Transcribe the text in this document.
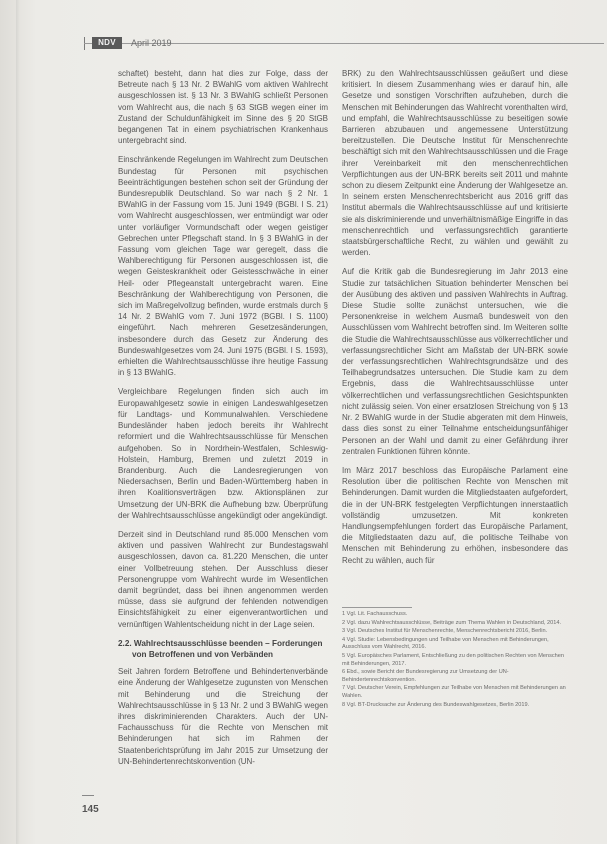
NDV	April 2019

schaftet) besteht, dann hat dies zur Folge, dass der Betreute nach § 13 Nr. 2 BWahlG vom aktiven Wahlrecht ausgeschlossen ist. § 13 Nr. 3 BWahlG schließt Personen vom Wahlrecht aus, die nach § 63 StGB wegen einer im Zustand der Schuldunfähigkeit im Sinne des § 20 StGB begangenen Tat in einem psychiatrischen Krankenhaus untergebracht sind.

Einschränkende Regelungen im Wahlrecht zum Deutschen Bundestag für Personen mit psychischen Beeinträchtigungen bestehen schon seit der Gründung der Bundesrepublik Deutschland. So war nach § 2 Nr. 1 BWahlG in der Fassung vom 15. Juni 1949 (BGBl. I S. 21) vom Wahlrecht ausgeschlossen, wer entmündigt war oder unter vorläufiger Vormundschaft oder wegen geistiger Gebrechen unter Pflegschaft stand. In § 3 BWahlG in der Fassung vom gleichen Tage war geregelt, dass die Wahlberechtigung für Personen ausgeschlossen ist, die wegen Geisteskrankheit oder Geistesschwäche in einer Heil- oder Pflegeanstalt untergebracht waren. Eine Beschränkung der Wahlberechtigung von Personen, die sich im Maßregelvollzug befinden, wurde erstmals durch § 14 Nr. 2 BWahlG vom 7. Juni 1972 (BGBl. I S. 1100) eingeführt. Nach mehreren Gesetzesänderungen, insbesondere durch das Gesetz zur Änderung des Bundeswahlgesetzes vom 24. Juni 1975 (BGBl. I S. 1593), erhielten die Wahlrechtsausschlüsse ihre heutige Fassung in § 13 BWahlG.

Vergleichbare Regelungen finden sich auch im Europawahlgesetz sowie in einigen Landeswahlgesetzen für Landtags- und Kommunalwahlen. Verschiedene Bundesländer haben jedoch bereits ihr Wahlrecht reformiert und die Wahlrechtsausschlüsse für Menschen aufgehoben. So in Nordrhein-Westfalen, Schleswig-Holstein, Hamburg, Bremen und zuletzt 2019 in Brandenburg. Auch die Landesregierungen von Niedersachsen, Berlin und Baden-Württemberg haben in ihren Koalitionsverträgen bzw. Aktionsplänen zur Umsetzung der UN-BRK die Aufhebung bzw. Überprüfung der Wahlrechtsausschlüsse angekündigt oder angekündigt.

Derzeit sind in Deutschland rund 85.000 Menschen vom aktiven und passiven Wahlrecht zur Bundestagswahl ausgeschlossen, davon ca. 81.220 Menschen, die unter einer Vollbetreuung stehen. Der Ausschluss dieser Personengruppe vom Wahlrecht wurde im Wesentlichen damit begründet, dass bei ihnen angenommen werden müsse, dass sie aufgrund der fehlenden notwendigen Einsichtsfähigkeit zu einer eigenverantwortlichen und vernünftigen Wahlentscheidung nicht in der Lage seien.

2.2. Wahlrechtsausschlüsse beenden – Forderungen
von Betroffenen und von Verbänden

Seit Jahren fordern Betroffene und Behindertenverbände eine Änderung der Wahlgesetze zugunsten von Menschen mit Behinderung und die Streichung der Wahlrechtsausschlüsse in § 13 Nr. 2 und 3 BWahlG wegen ihres diskriminierenden Charakters. Auch der UN-Fachausschuss für die Rechte von Menschen mit Behinderungen hat sich im Rahmen der Staatenberichtsprüfung im Jahr 2015 zur Umsetzung der UN-Behindertenrechtskonvention (UN-

BRK) zu den Wahlrechtsausschlüssen geäußert und diese kritisiert. In diesem Zusammenhang wies er darauf hin, alle Gesetze und sonstigen Vorschriften aufzuheben, durch die Menschen mit Behinderungen das Wahlrecht vorenthalten wird, und empfahl, die Wahlrechtsausschlüsse zu beseitigen sowie Barrieren abzubauen und angemessene Unterstützung bereitzustellen. Die Deutsche Institut für Menschenrechte beschäftigt sich mit den Wahlrechtsausschlüssen und die Frage ihrer Vereinbarkeit mit den menschenrechtlichen Verpflichtungen aus der UN-BRK bereits seit 2011 und mahnte schon zu diesem Zeitpunkt eine Änderung der Wahlgesetze an. In seinem ersten Menschenrechtsbericht aus 2016 griff das Institut abermals die Wahlrechtsausschlüsse auf und kritisierte sie als diskriminierende und unverhältnismäßige Eingriffe in das menschenrechtlich und verfassungsrechtlich garantierte staatsbürgerschaftliche Recht, zu wählen und gewählt zu werden.

Auf die Kritik gab die Bundesregierung im Jahr 2013 eine Studie zur tatsächlichen Situation behinderter Menschen bei der Ausübung des aktiven und passiven Wahlrechts in Auftrag. Diese Studie sollte zunächst untersuchen, wie die Personenkreise in welchem Ausmaß bundesweit von den Ausschlüssen vom Wahlrecht betroffen sind. Im Weiteren sollte die Studie die Wahlrechtsausschlüsse aus völkerrechtlicher und verfassungsrechtlicher Sicht am Maßstab der UN-BRK sowie der verfassungsrechtlichen Wahlrechtsgrundsätze und des Teilhabegrundsatzes untersuchen. Die Studie kam zu dem Ergebnis, dass die Wahlrechtsausschlüsse unter völkerrechtlichen und verfassungsrechtlichen Gesichtspunkten nicht zulässig seien. Von einer ersatzlosen Streichung von § 13 Nr. 2 BWahlG wurde in der Studie abgeraten mit dem Hinweis, dass dies sonst zu einer Teilnahme entscheidungsunfähiger Personen an der Wahl und damit zu einer Gefährdung ihrer zentralen Funktionen führen könnte.

Im März 2017 beschloss das Europäische Parlament eine Resolution über die politischen Rechte von Menschen mit Behinderungen. Damit wurden die Mitgliedstaaten aufgefordert, die in der UN-BRK festgelegten Verpflichtungen innerstaatlich vollständig umzusetzen. Mit konkreten Handlungsempfehlungen fordert das Europäische Parlament, die Mitgliedstaaten dazu auf, die politische Teilhabe von Menschen mit Behinderung zu erhöhen, insbesondere das Recht zu wählen, auch für

1 Vgl. Lit. Fachausschuss.
2 Vgl. dazu Wahlrechtsausschlüsse, Beiträge zum Thema Wahlen in Deutschland, 2014.
3 Vgl. Deutsches Institut für Menschenrechte, Menschenrechtsbericht 2016, Berlin.
4 Vgl. Studie: Lebensbedingungen und Teilhabe von Menschen mit Behinderungen, Ausschluss vom Wahlrecht, 2016.
5 Vgl. Europäisches Parlament, Entschließung zu den politischen Rechten von Menschen mit Behinderungen, 2017.
6 Ebd., sowie Bericht der Bundesregierung zur Umsetzung der UN-Behindertenrechtskonvention.
7 Vgl. Deutscher Verein, Empfehlungen zur Teilhabe von Menschen mit Behinderungen an Wahlen.
8 Vgl. BT-Drucksache zur Änderung des Bundeswahlgesetzes, Berlin 2019.
145
